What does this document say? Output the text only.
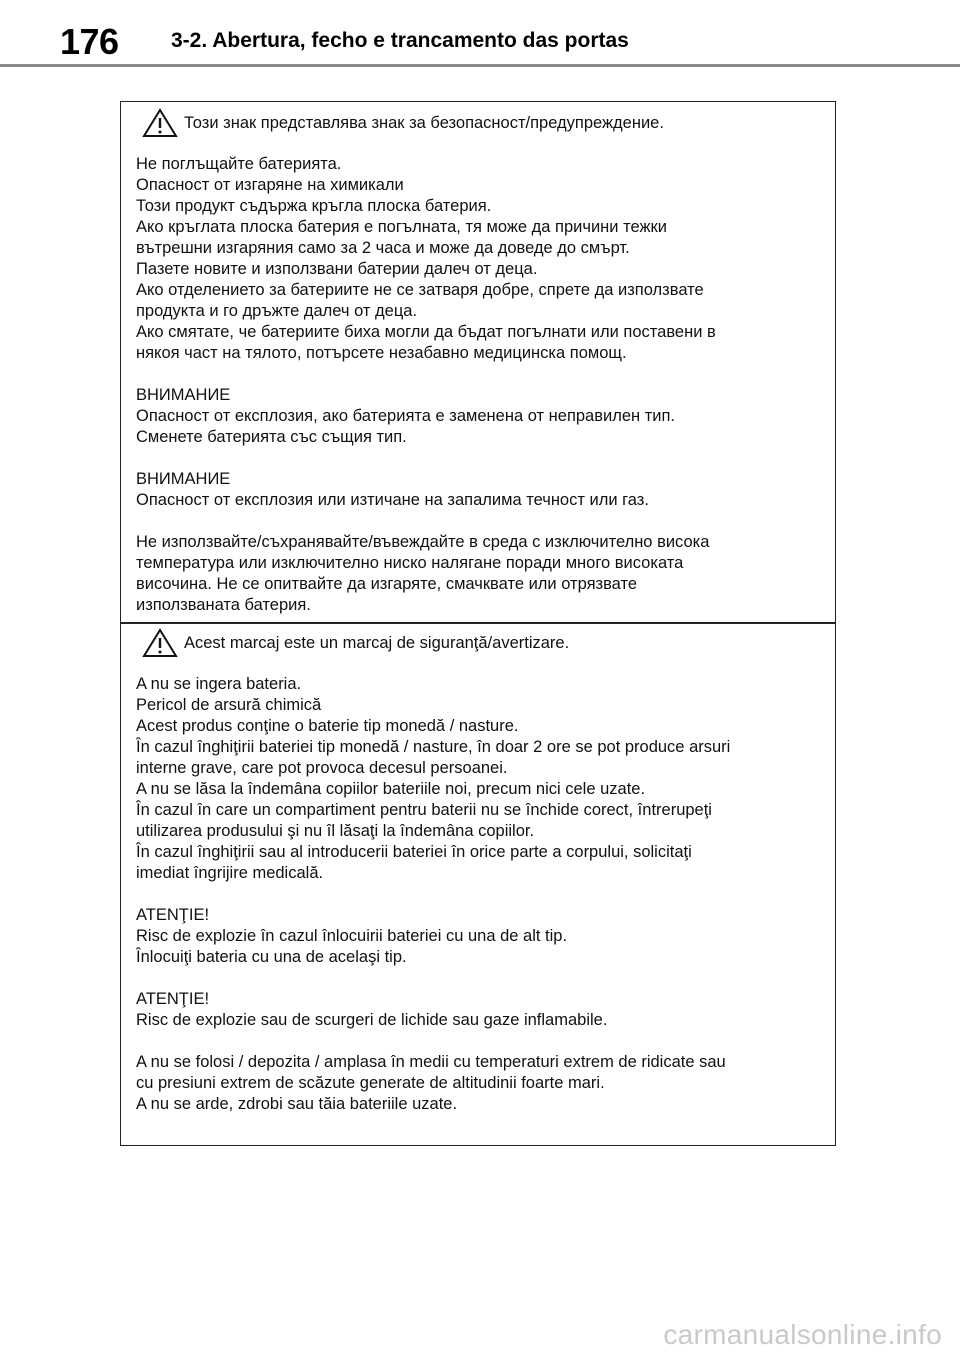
176 3-2. Abertura, fecho e trancamento das portas
Този знак представлява знак за безопасност/предупреждение.
Не поглъщайте батерията.
Опасност от изгаряне на химикали
Този продукт съдържа кръгла плоска батерия.
Ако кръглата плоска батерия е погълната, тя може да причини тежки
вътрешни изгаряния само за 2 часа и може да доведе до смърт.
Пазете новите и използвани батерии далеч от деца.
Ако отделението за батериите не се затваря добре, спрете да използвате
продукта и го дръжте далеч от деца.
Ако смятате, че батериите биха могли да бъдат погълнати или поставени в
някоя част на тялото, потърсете незабавно медицинска помощ.
ВНИМАНИЕ
Опасност от експлозия, ако батерията е заменена от неправилен тип.
Сменете батерията със същия тип.
ВНИМАНИЕ
Опасност от експлозия или изтичане на запалима течност или газ.
Не използвайте/съхранявайте/въвеждайте в среда с изключително висока
температура или изключително ниско налягане поради много високата
височина. Не се опитвайте да изгаряте, смачквате или отрязвате
използваната батерия.
Acest marcaj este un marcaj de siguranţă/avertizare.
A nu se ingera bateria.
Pericol de arsură chimică
Acest produs conţine o baterie tip monedă / nasture.
În cazul înghiţirii bateriei tip monedă / nasture, în doar 2 ore se pot produce arsuri
interne grave, care pot provoca decesul persoanei.
A nu se lăsa la îndemâna copiilor bateriile noi, precum nici cele uzate.
În cazul în care un compartiment pentru baterii nu se închide corect, întrerupeţi
utilizarea produsului şi nu îl lăsaţi la îndemâna copiilor.
În cazul înghiţirii sau al introducerii bateriei în orice parte a corpului, solicitaţi
imediat îngrijire medicală.
ATENŢIE!
Risc de explozie în cazul înlocuirii bateriei cu una de alt tip.
Înlocuiţi bateria cu una de acelaşi tip.
ATENŢIE!
Risc de explozie sau de scurgeri de lichide sau gaze inflamabile.
A nu se folosi / depozita / amplasa în medii cu temperaturi extrem de ridicate sau
cu presiuni extrem de scăzute generate de altitudinii foarte mari.
A nu se arde, zdrobi sau tăia bateriile uzate.
carmanualsonline.info
